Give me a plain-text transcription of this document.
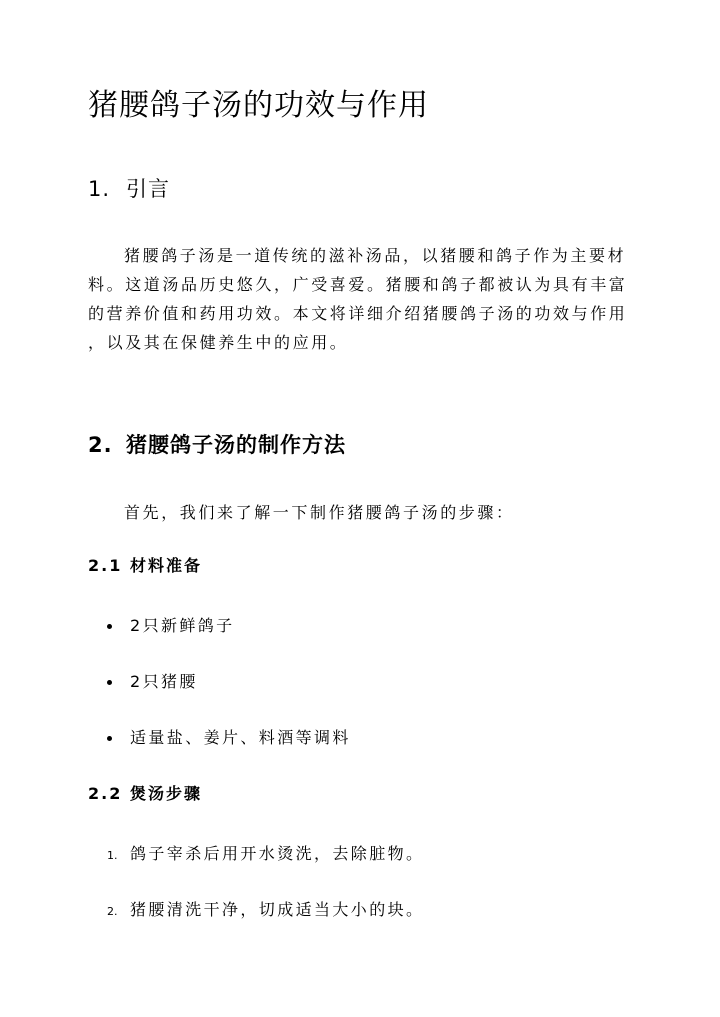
猪腰鸽子汤的功效与作用
1. 引言
猪腰鸽子汤是一道传统的滋补汤品，以猪腰和鸽子作为主要材
料。这道汤品历史悠久，广受喜爱。猪腰和鸽子都被认为具有丰富
的营养价值和药用功效。本文将详细介绍猪腰鸽子汤的功效与作用
，以及其在保健养生中的应用。
2. 猪腰鸽子汤的制作方法

首先，我们来了解一下制作猪腰鸽子汤的步骤：

2.1 材料准备
2只新鲜鸽子
2只猪腰
适量盐、姜片、料酒等调料
2.2 煲汤步骤
1. 鸽子宰杀后用开水烫洗，去除脏物。
2. 猪腰清洗干净，切成适当大小的块。
